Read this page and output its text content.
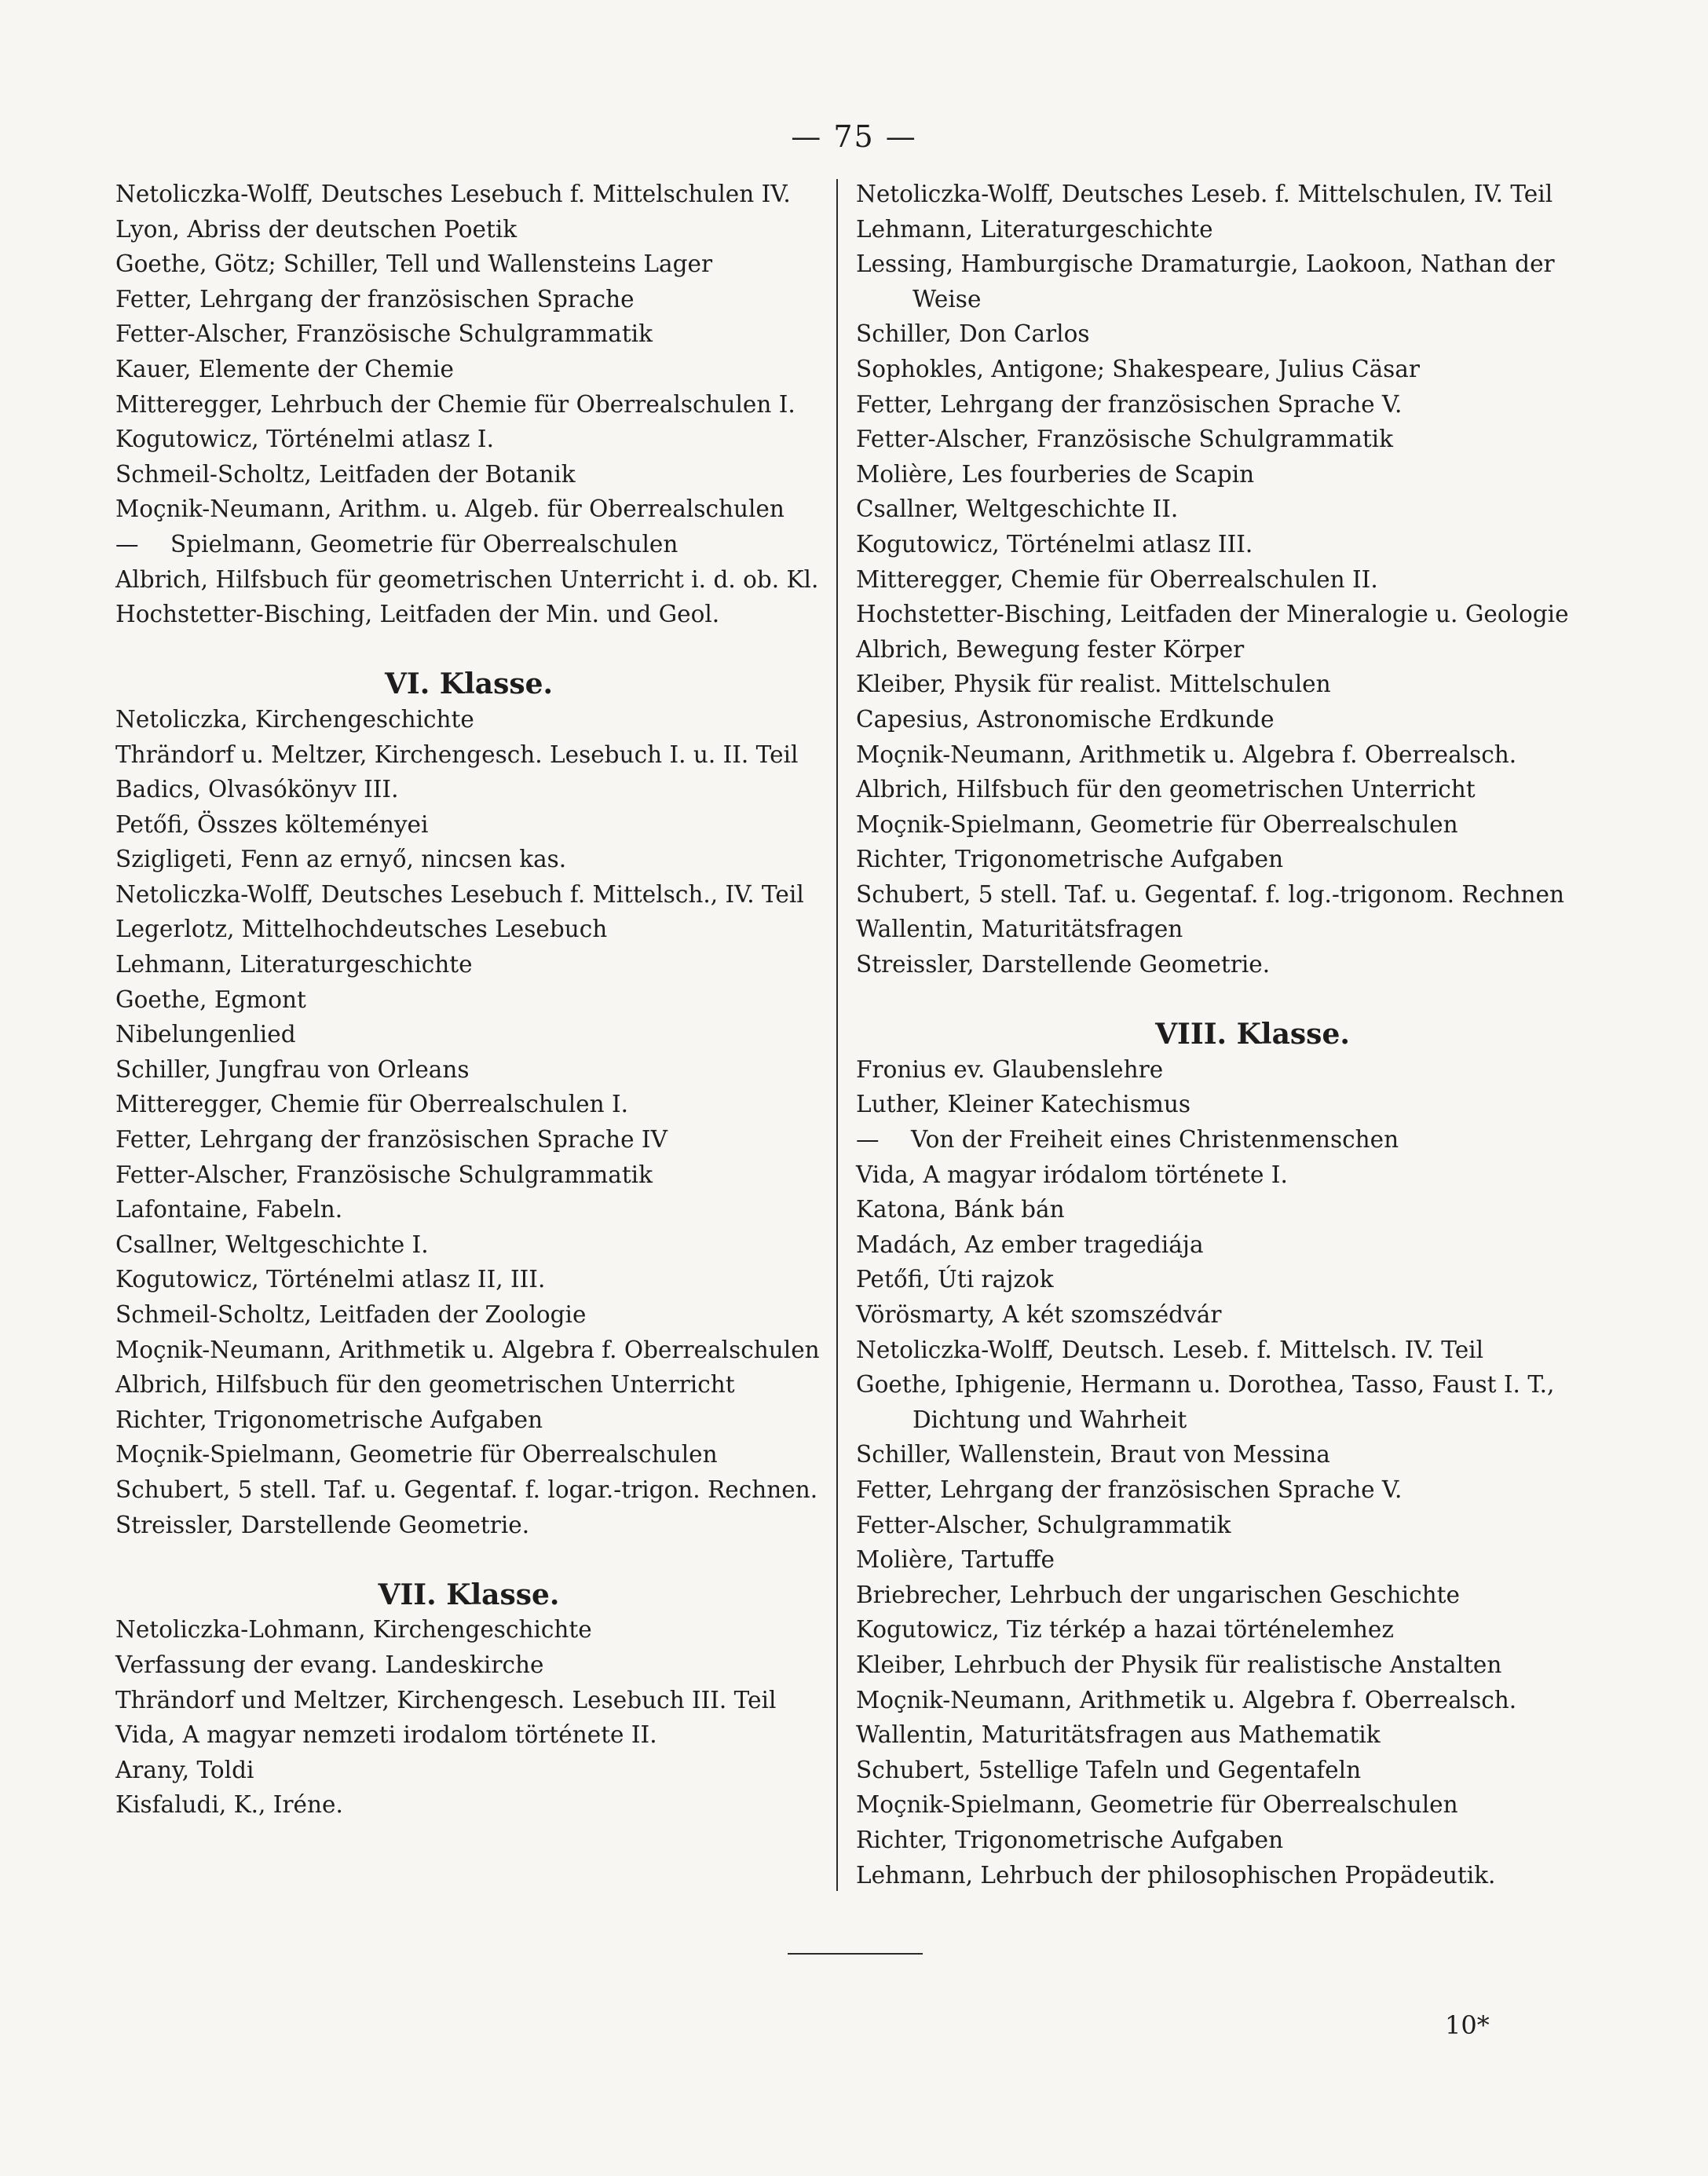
— 75 —
Netoliczka-Wolff, Deutsches Lesebuch f. Mittelschulen IV.
Lyon, Abriss der deutschen Poetik
Goethe, Götz; Schiller, Tell und Wallensteins Lager
Fetter, Lehrgang der französischen Sprache
Fetter-Alscher, Französische Schulgrammatik
Kauer, Elemente der Chemie
Mitteregger, Lehrbuch der Chemie für Oberrealschulen I.
Kogutowicz, Történelmi atlasz I.
Schmeil-Scholtz, Leitfaden der Botanik
Moçnik-Neumann, Arithm. u. Algeb. für Oberrealschulen
— Spielmann, Geometrie für Oberrealschulen
Albrich, Hilfsbuch für geometrischen Unterricht i. d. ob. Kl.
Hochstetter-Bisching, Leitfaden der Min. und Geol.
VI. Klasse.
Netoliczka, Kirchengeschichte
Thrändorf u. Meltzer, Kirchengesch. Lesebuch I. u. II. Teil
Badics, Olvasókönyv III.
Petőfi, Összes költeményei
Szigligeti, Fenn az ernyő, nincsen kas.
Netoliczka-Wolff, Deutsches Lesebuch f. Mittelsch., IV. Teil
Legerlotz, Mittelhochdeutsches Lesebuch
Lehmann, Literaturgeschichte
Goethe, Egmont
Nibelungenlied
Schiller, Jungfrau von Orleans
Mitteregger, Chemie für Oberrealschulen I.
Fetter, Lehrgang der französischen Sprache IV
Fetter-Alscher, Französische Schulgrammatik
Lafontaine, Fabeln.
Csallner, Weltgeschichte I.
Kogutowicz, Történelmi atlasz II, III.
Schmeil-Scholtz, Leitfaden der Zoologie
Moçnik-Neumann, Arithmetik u. Algebra f. Oberrealschulen
Albrich, Hilfsbuch für den geometrischen Unterricht
Richter, Trigonometrische Aufgaben
Moçnik-Spielmann, Geometrie für Oberrealschulen
Schubert, 5 stell. Taf. u. Gegentaf. f. logar.-trigon. Rechnen.
Streissler, Darstellende Geometrie.
VII. Klasse.
Netoliczka-Lohmann, Kirchengeschichte
Verfassung der evang. Landeskirche
Thrändorf und Meltzer, Kirchengesch. Lesebuch III. Teil
Vida, A magyar nemzeti irodalom története II.
Arany, Toldi
Kisfaludi, K., Iréne.
Netoliczka-Wolff, Deutsches Leseb. f. Mittelschulen, IV. Teil
Lehmann, Literaturgeschichte
Lessing, Hamburgische Dramaturgie, Laokoon, Nathan der
Weise
Schiller, Don Carlos
Sophokles, Antigone; Shakespeare, Julius Cäsar
Fetter, Lehrgang der französischen Sprache V.
Fetter-Alscher, Französische Schulgrammatik
Molière, Les fourberies de Scapin
Csallner, Weltgeschichte II.
Kogutowicz, Történelmi atlasz III.
Mitteregger, Chemie für Oberrealschulen II.
Hochstetter-Bisching, Leitfaden der Mineralogie u. Geologie
Albrich, Bewegung fester Körper
Kleiber, Physik für realist. Mittelschulen
Capesius, Astronomische Erdkunde
Moçnik-Neumann, Arithmetik u. Algebra f. Oberrealsch.
Albrich, Hilfsbuch für den geometrischen Unterricht
Moçnik-Spielmann, Geometrie für Oberrealschulen
Richter, Trigonometrische Aufgaben
Schubert, 5 stell. Taf. u. Gegentaf. f. log.-trigonom. Rechnen
Wallentin, Maturitätsfragen
Streissler, Darstellende Geometrie.
VIII. Klasse.
Fronius ev. Glaubenslehre
Luther, Kleiner Katechismus
— Von der Freiheit eines Christenmenschen
Vida, A magyar iródalom története I.
Katona, Bánk bán
Madách, Az ember tragediája
Petőfi, Úti rajzok
Vörösmarty, A két szomszédvár
Netoliczka-Wolff, Deutsch. Leseb. f. Mittelsch. IV. Teil
Goethe, Iphigenie, Hermann u. Dorothea, Tasso, Faust I. T.,
Dichtung und Wahrheit
Schiller, Wallenstein, Braut von Messina
Fetter, Lehrgang der französischen Sprache V.
Fetter-Alscher, Schulgrammatik
Molière, Tartuffe
Briebrecher, Lehrbuch der ungarischen Geschichte
Kogutowicz, Tiz térkép a hazai történelemhez
Kleiber, Lehrbuch der Physik für realistische Anstalten
Moçnik-Neumann, Arithmetik u. Algebra f. Oberrealsch.
Wallentin, Maturitätsfragen aus Mathematik
Schubert, 5stellige Tafeln und Gegentafeln
Moçnik-Spielmann, Geometrie für Oberrealschulen
Richter, Trigonometrische Aufgaben
Lehmann, Lehrbuch der philosophischen Propädeutik.
10*
